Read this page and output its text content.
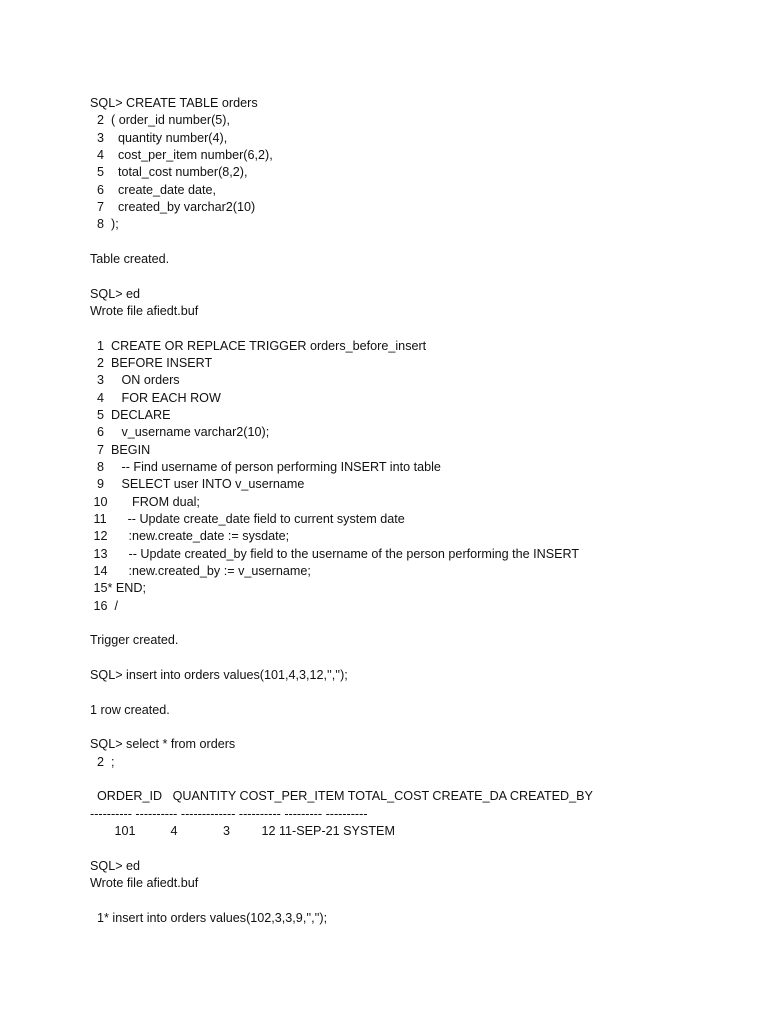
SQL> CREATE TABLE orders
2  ( order_id number(5),
3    quantity number(4),
4    cost_per_item number(6,2),
5    total_cost number(8,2),
6    create_date date,
7    created_by varchar2(10)
8  );
Table created.
SQL> ed
Wrote file afiedt.buf
1  CREATE OR REPLACE TRIGGER orders_before_insert
2  BEFORE INSERT
3     ON orders
4     FOR EACH ROW
5  DECLARE
6     v_username varchar2(10);
7  BEGIN
8     -- Find username of person performing INSERT into table
9     SELECT user INTO v_username
10       FROM dual;
11      -- Update create_date field to current system date
12      :new.create_date := sysdate;
13      -- Update created_by field to the username of the person performing the INSERT
14      :new.created_by := v_username;
15* END;
16  /
Trigger created.
SQL> insert into orders values(101,4,3,12,'','');
1 row created.
SQL> select * from orders
2  ;
ORDER_ID   QUANTITY COST_PER_ITEM TOTAL_COST CREATE_DA CREATED_BY
---------- ---------- ------------- ---------- --------- ----------
101          4             3         12 11-SEP-21 SYSTEM
SQL> ed
Wrote file afiedt.buf
1* insert into orders values(102,3,3,9,'','');
